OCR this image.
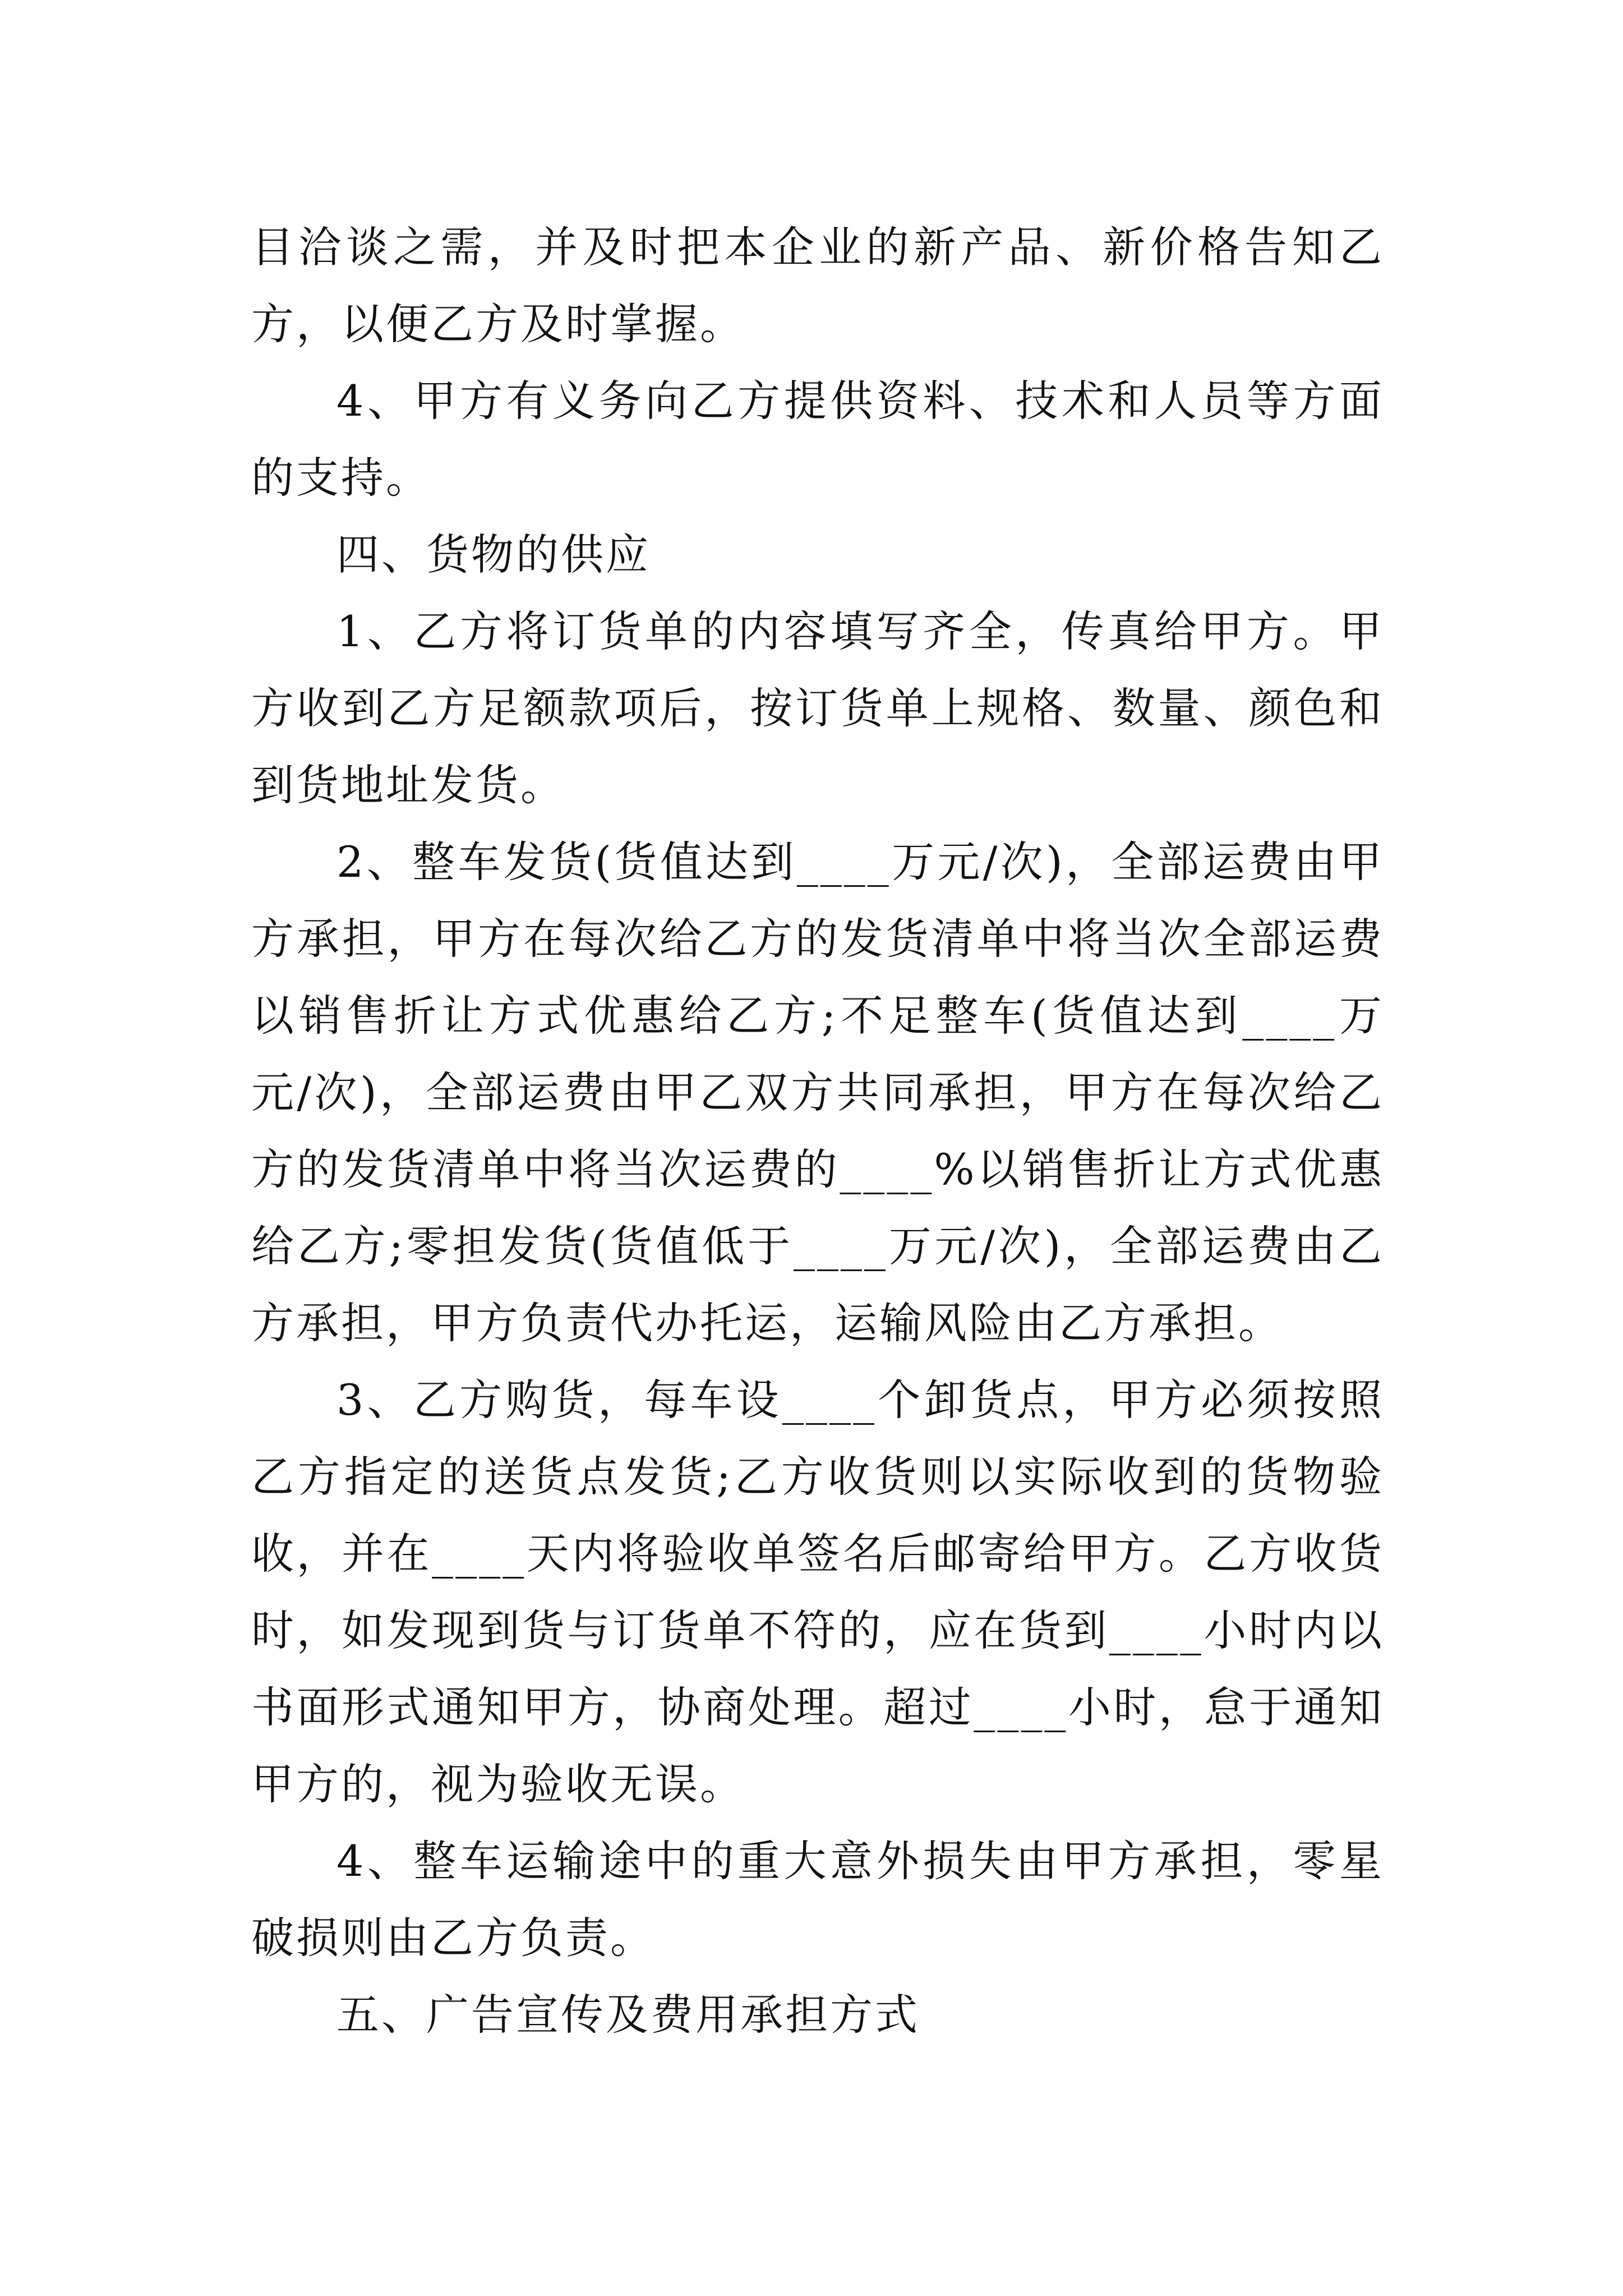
目洽谈之需，并及时把本企业的新产品、新价格告知乙方，以便乙方及时掌握。

4、甲方有义务向乙方提供资料、技术和人员等方面的支持。

四、货物的供应

1、乙方将订货单的内容填写齐全，传真给甲方。甲方收到乙方足额款项后，按订货单上规格、数量、颜色和到货地址发货。

2、整车发货(货值达到____万元/次)，全部运费由甲方承担，甲方在每次给乙方的发货清单中将当次全部运费以销售折让方式优惠给乙方;不足整车(货值达到____万元/次)，全部运费由甲乙双方共同承担，甲方在每次给乙方的发货清单中将当次运费的____%以销售折让方式优惠给乙方;零担发货(货值低于____万元/次)，全部运费由乙方承担，甲方负责代办托运，运输风险由乙方承担。

3、乙方购货，每车设____个卸货点，甲方必须按照乙方指定的送货点发货;乙方收货则以实际收到的货物验收，并在____天内将验收单签名后邮寄给甲方。乙方收货时，如发现到货与订货单不符的，应在货到____小时内以书面形式通知甲方，协商处理。超过____小时，怠于通知甲方的，视为验收无误。

4、整车运输途中的重大意外损失由甲方承担，零星破损则由乙方负责。

五、广告宣传及费用承担方式
